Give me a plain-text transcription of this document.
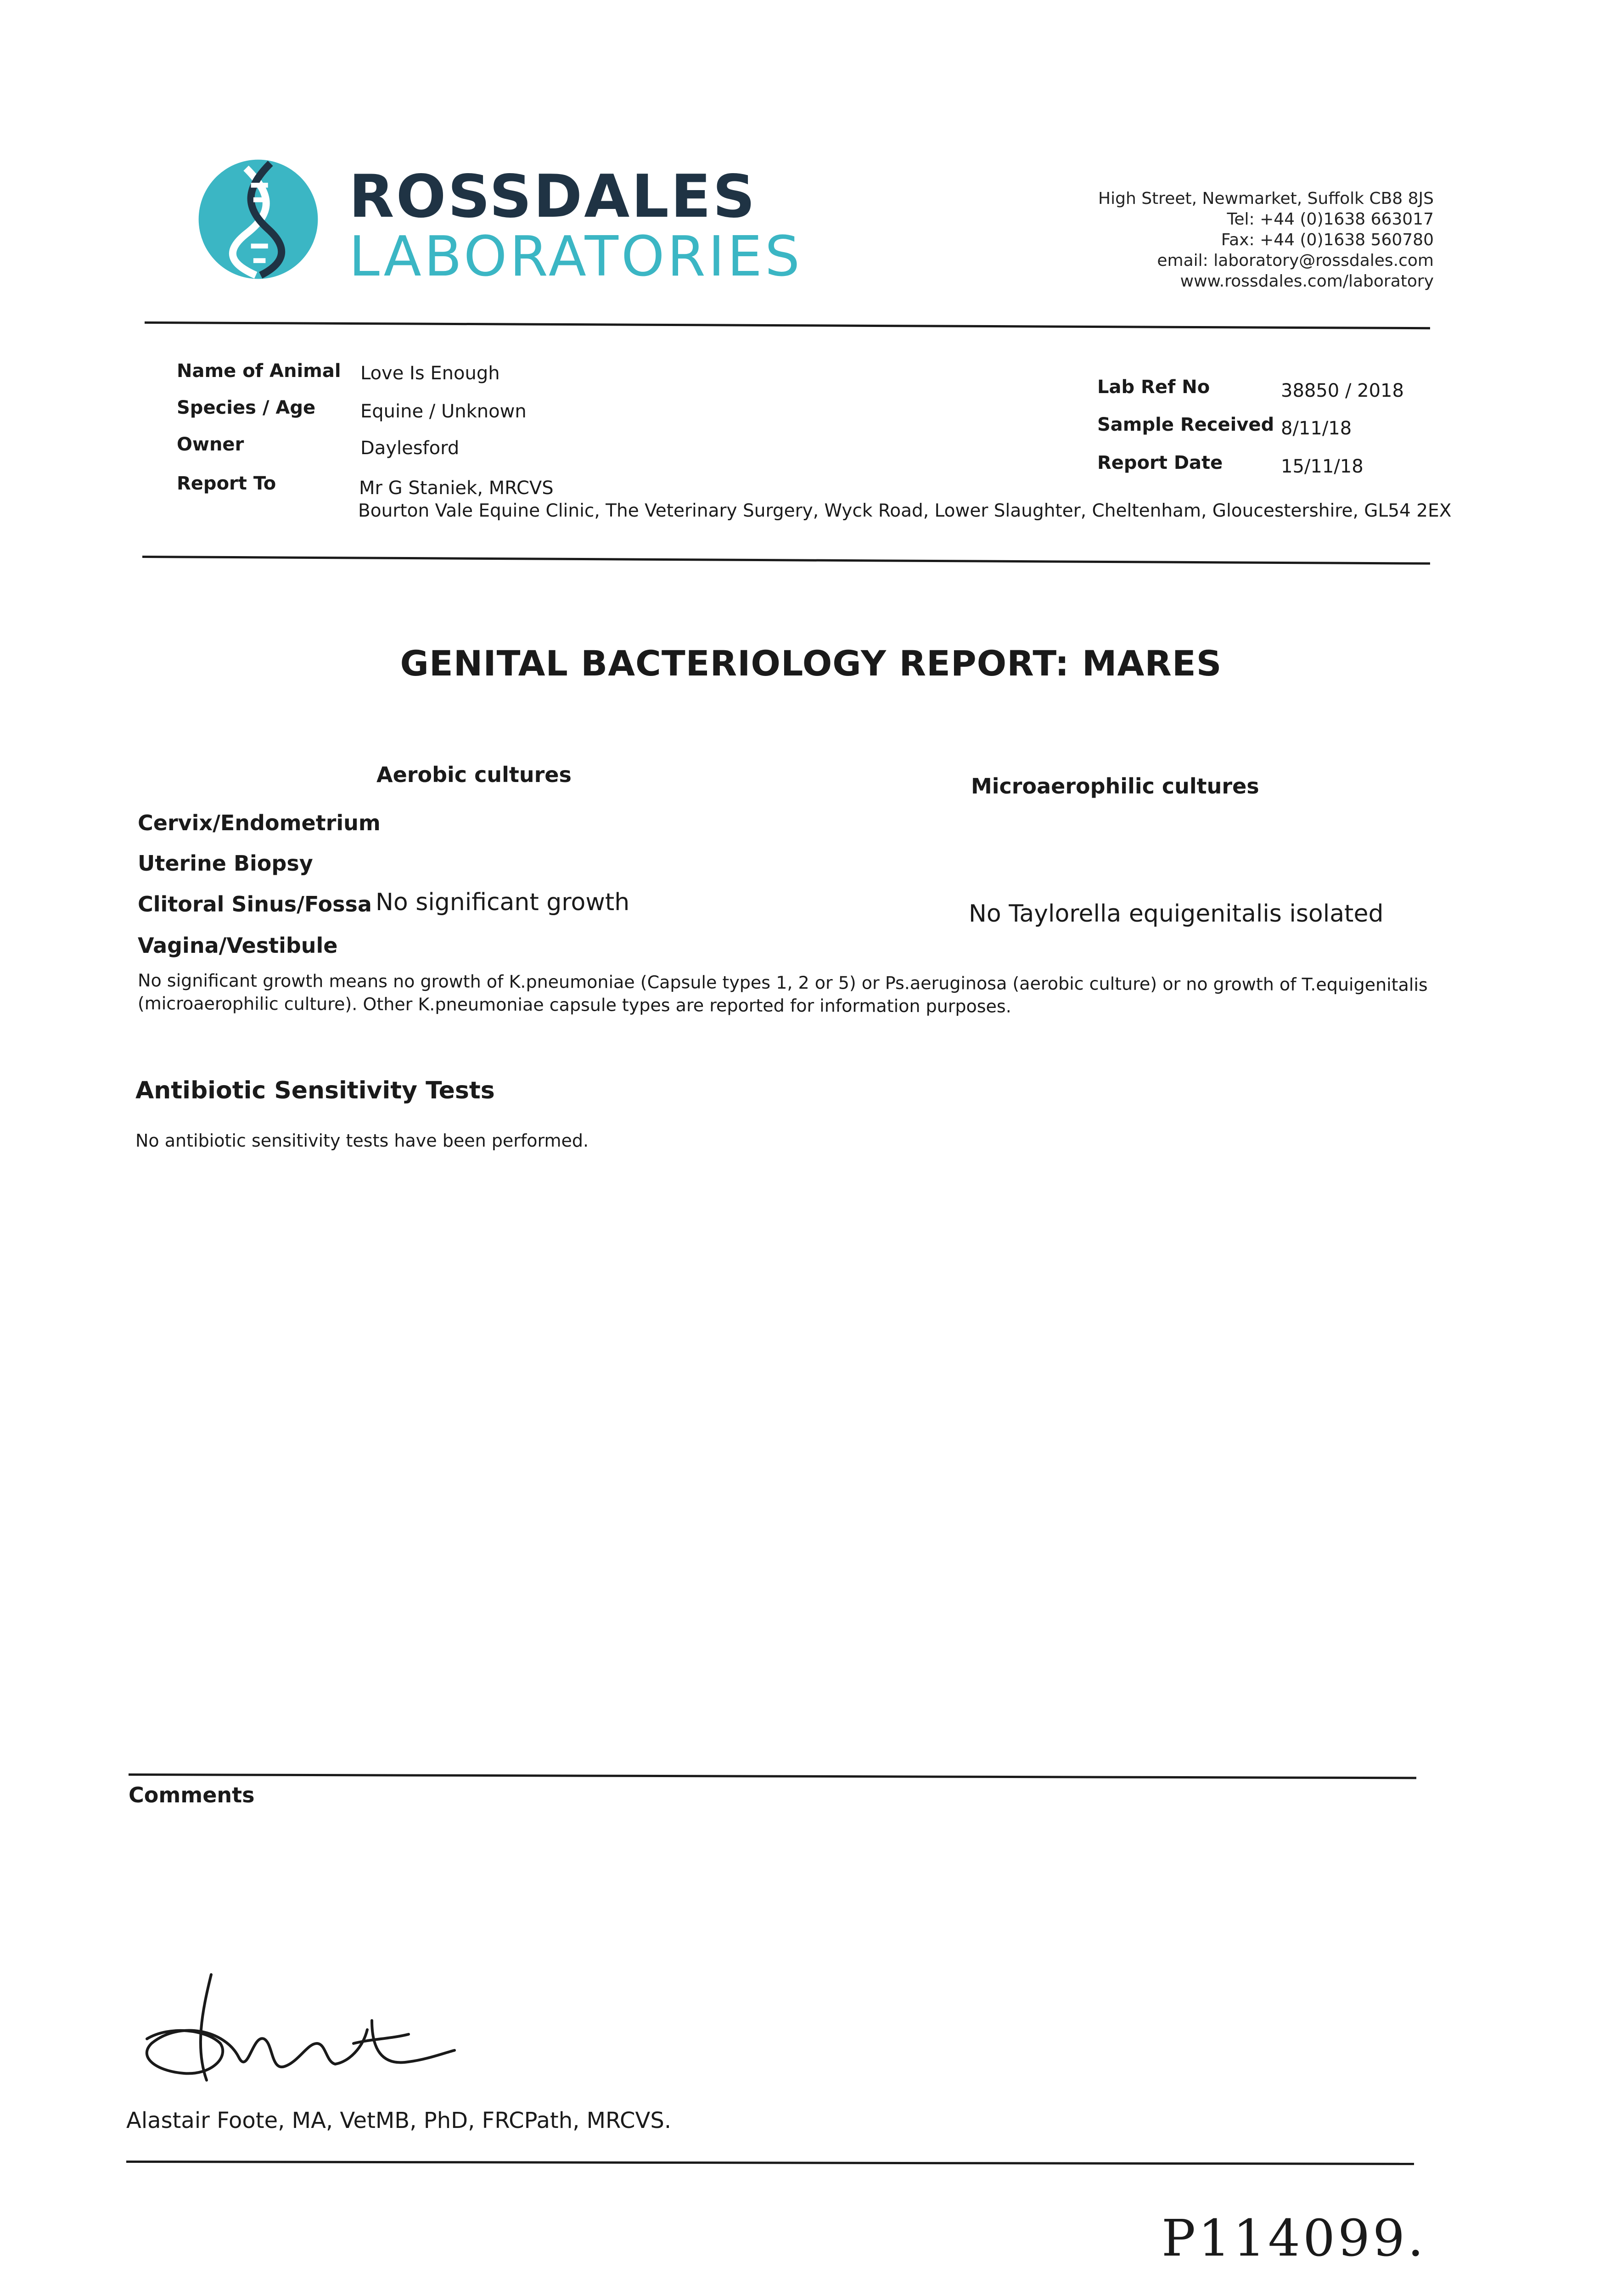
ROSSDALES
LABORATORIES
High Street, Newmarket, Suffolk CB8 8JS
Tel: +44 (0)1638 663017
Fax: +44 (0)1638 560780
email: laboratory@rossdales.com
www.rossdales.com/laboratory
Name of Animal Love Is Enough
Species / Age Equine / Unknown
Owner	Daylesford
Report To	Mr G Staniek, MRCVS
Bourton Vale Equine Clinic, The Veterinary Surgery, Wyck Road, Lower Slaughter, Cheltenham, Gloucestershire, GL54 2EX
Lab Ref No	38850 / 2018
Sample Received 8/11/18
Report Date	15/11/18
GENITAL BACTERIOLOGY REPORT: MARES
Aerobic cultures	Microaerophilic cultures
Cervix/Endometrium
Uterine Biopsy
Clitoral Sinus/Fossa
Vagina/Vestibule
No significant growth	No Taylorella equigenitalis isolated
No significant growth means no growth of K.pneumoniae (Capsule types 1, 2 or 5) or Ps.aeruginosa (aerobic culture) or no growth of T.equigenitalis
(microaerophilic culture). Other K.pneumoniae capsule types are reported for information purposes.
Antibiotic Sensitivity Tests
No antibiotic sensitivity tests have been performed.
Comments
Alastair Foote, MA, VetMB, PhD, FRCPath, MRCVS.
P114099.
